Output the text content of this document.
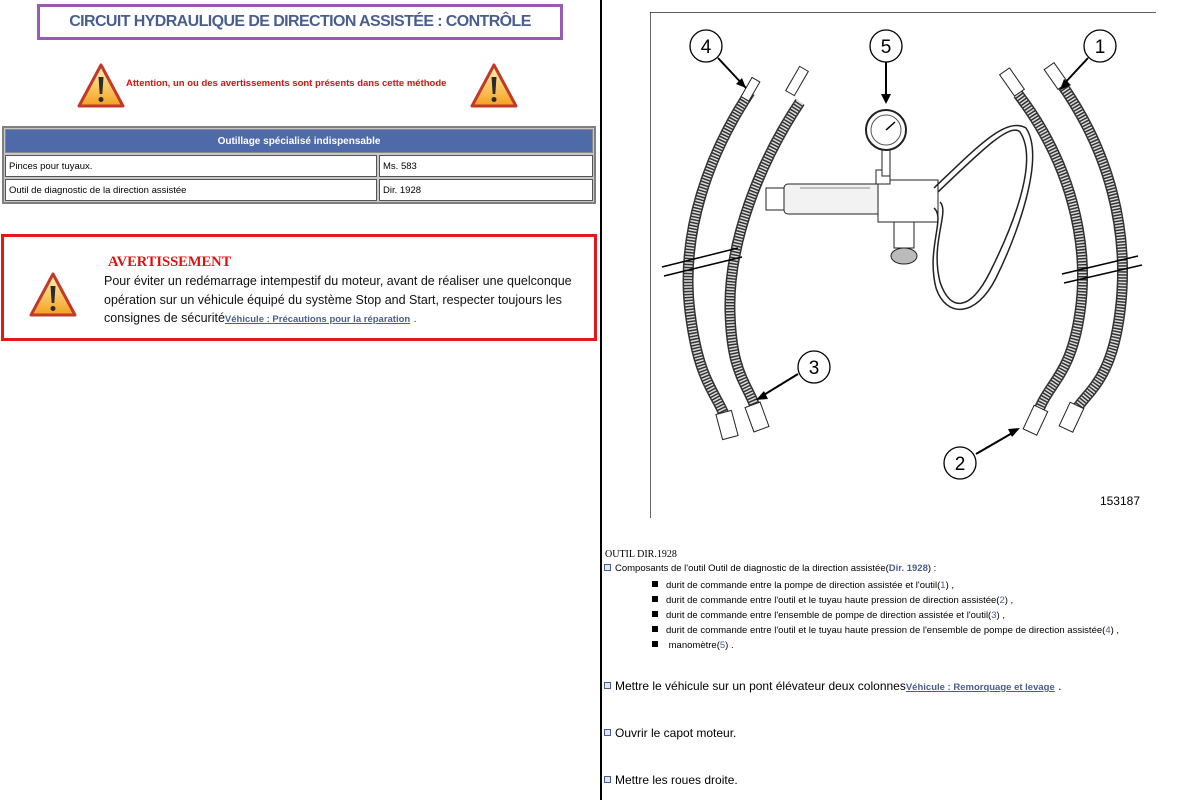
CIRCUIT HYDRAULIQUE DE DIRECTION ASSISTÉE : CONTRÔLE
Attention, un ou des avertissements sont présents dans cette méthode
Outillage spécialisé indispensable
Pinces pour tuyaux.	Ms. 583
Outil de diagnostic de la direction assistée	Dir. 1928
AVERTISSEMENT
Pour éviter un redémarrage intempestif du moteur, avant de réaliser une quelconque opération sur un véhicule équipé du système Stop and Start, respecter toujours les consignes de sécuritéVéhicule : Précautions pour la réparation .
4	5	1
3
2
153187
OUTIL DIR.1928
Composants de l'outil Outil de diagnostic de la direction assistée(Dir. 1928) :
durit de commande entre la pompe de direction assistée et l'outil(1) ,
durit de commande entre l'outil et le tuyau haute pression de direction assistée(2) ,
durit de commande entre l'ensemble de pompe de direction assistée et l'outil(3) ,
durit de commande entre l'outil et le tuyau haute pression de l'ensemble de pompe de direction assistée(4) ,
manomètre(5) .
Mettre le véhicule sur un pont élévateur deux colonnesVéhicule : Remorquage et levage .
Ouvrir le capot moteur.
Mettre les roues droite.
